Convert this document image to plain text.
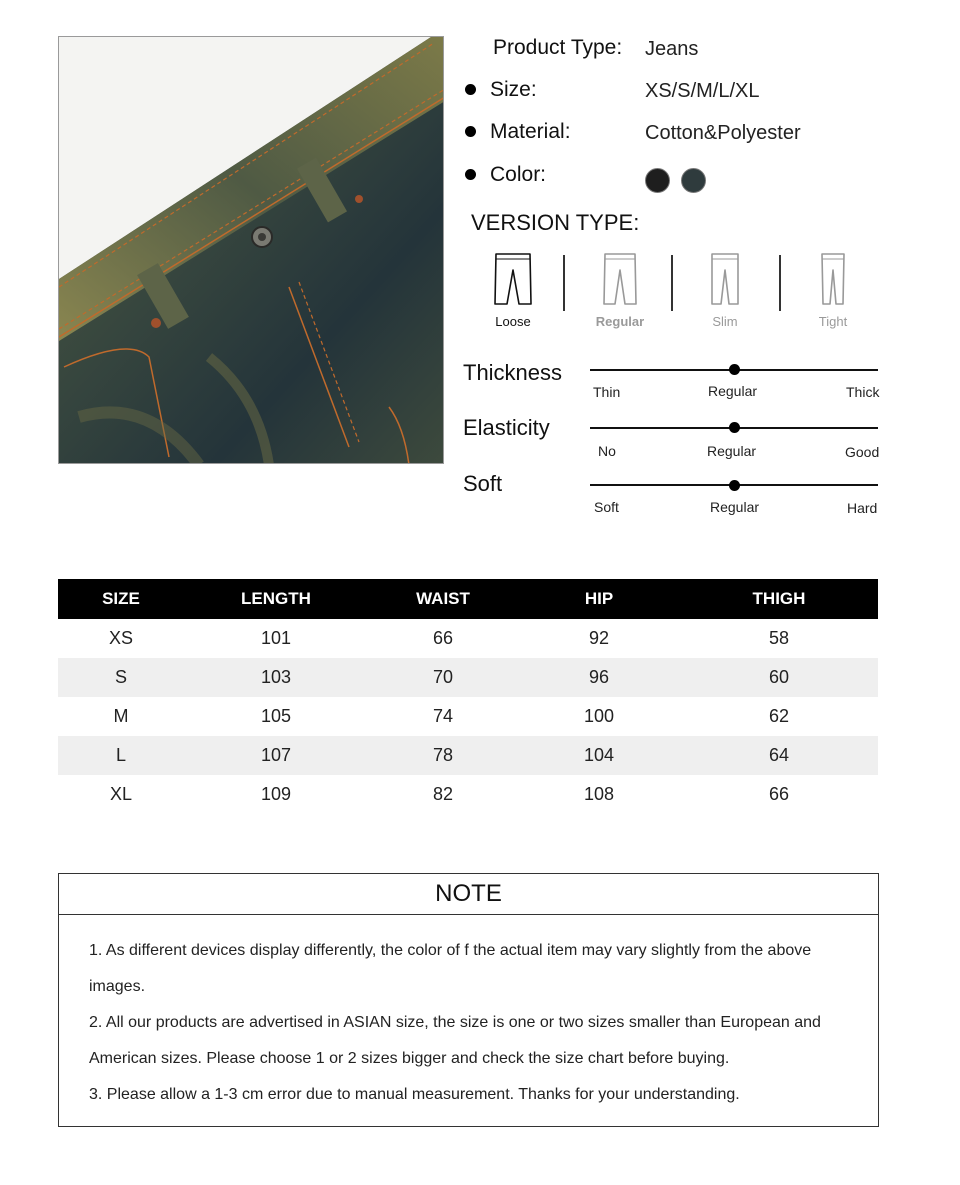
Product Type: Jeans
Size:	XS/S/M/L/XL
Material:	Cotton&Polyester
Color:
VERSION TYPE:
Loose	Regular	Slim	Tight
Thickness
Thin	Regular	Thick
Elasticity
No	Regular	Good
Soft
Soft	Regular	Hard
SIZE	LENGTH	WAIST	HIP	THIGH
XS	101	66	92	58
S	103	70	96	60
M	105	74	100	62
L	107	78	104	64
XL	109	82	108	66
NOTE

1. As different devices display differently, the color of f the actual item may vary slightly from the above

images.

2. All our products are advertised in ASIAN size, the size is one or two sizes smaller than European and

American sizes. Please choose 1 or 2 sizes bigger and check the size chart before buying.

3. Please allow a 1-3 cm error due to manual measurement. Thanks for your understanding.
